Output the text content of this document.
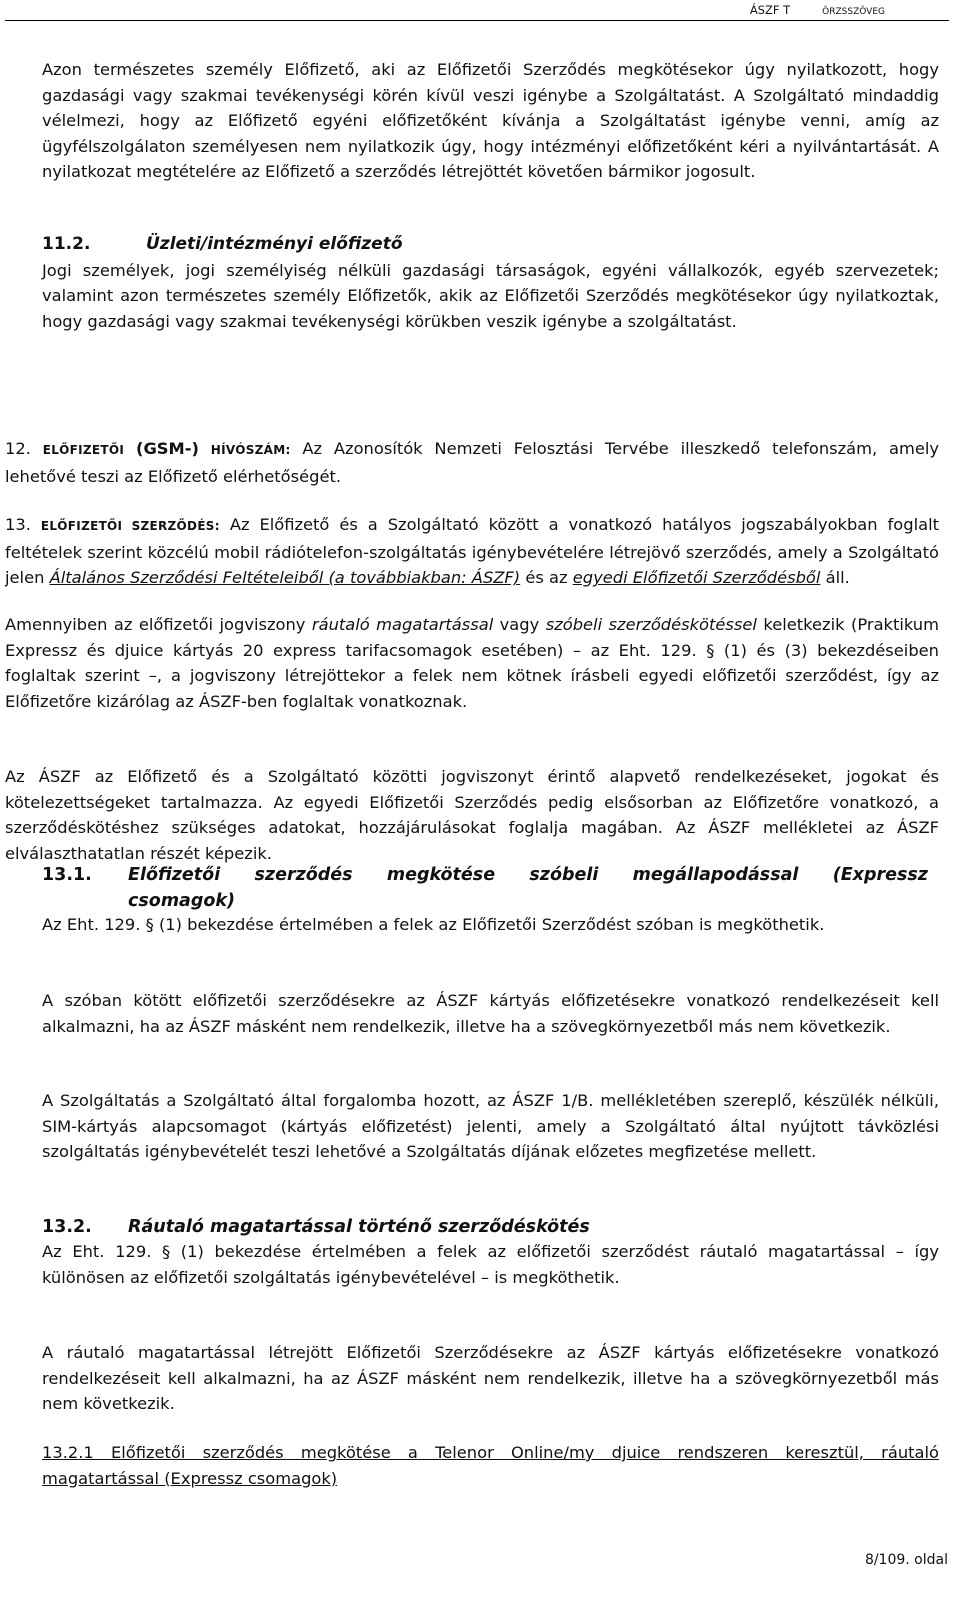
ÁSZF T	ÖRZSSZÖVEG

Azon természetes személy Előfizető, aki az Előfizetői Szerződés megkötésekor úgy nyilatkozott, hogy gazdasági vagy szakmai tevékenységi körén kívül veszi igénybe a Szolgáltatást. A Szolgáltató mindaddig vélelmezi, hogy az Előfizető egyéni előfizetőként kívánja a Szolgáltatást igénybe venni, amíg az ügyfélszolgálaton személyesen nem nyilatkozik úgy, hogy intézményi előfizetőként kéri a nyilvántartását. A nyilatkozat megtételére az Előfizető a szerződés létrejöttét követően bármikor jogosult.

11.2.	Üzleti/intézményi előfizető
Jogi személyek, jogi személyiség nélküli gazdasági társaságok, egyéni vállalkozók, egyéb szervezetek; valamint azon természetes személy Előfizetők, akik az Előfizetői Szerződés megkötésekor úgy nyilatkoztak, hogy gazdasági vagy szakmai tevékenységi körükben veszik igénybe a szolgáltatást.

12. ELŐFIZETŐI (GSM-) HÍVÓSZÁM: Az Azonosítók Nemzeti Felosztási Tervébe illeszkedő telefonszám, amely lehetővé teszi az Előfizető elérhetőségét.

13. ELŐFIZETŐI SZERZŐDÉS: Az Előfizető és a Szolgáltató között a vonatkozó hatályos jogszabályokban foglalt feltételek szerint közcélú mobil rádiótelefon-szolgáltatás igénybevételére létrejövő szerződés, amely a Szolgáltató jelen Általános Szerződési Feltételeiből (a továbbiakban: ÁSZF) és az egyedi Előfizetői Szerződésből áll.

Amennyiben az előfizetői jogviszony ráutaló magatartással vagy szóbeli szerződéskötéssel keletkezik (Praktikum Expressz és djuice kártyás 20 express tarifacsomagok esetében) – az Eht. 129. § (1) és (3) bekezdéseiben foglaltak szerint –, a jogviszony létrejöttekor a felek nem kötnek írásbeli egyedi előfizetői szerződést, így az Előfizetőre kizárólag az ÁSZF-ben foglaltak vonatkoznak.

Az ÁSZF az Előfizető és a Szolgáltató közötti jogviszonyt érintő alapvető rendelkezéseket, jogokat és kötelezettségeket tartalmazza. Az egyedi Előfizetői Szerződés pedig elsősorban az Előfizetőre vonatkozó, a szerződéskötéshez szükséges adatokat, hozzájárulásokat foglalja magában. Az ÁSZF mellékletei az ÁSZF elválaszthatatlan részét képezik.

13.1. Előfizetői szerződés megkötése szóbeli megállapodással (Expressz
csomagok)

Az Eht. 129. § (1) bekezdése értelmében a felek az Előfizetői Szerződést szóban is megköthetik.

A szóban kötött előfizetői szerződésekre az ÁSZF kártyás előfizetésekre vonatkozó rendelkezéseit kell alkalmazni, ha az ÁSZF másként nem rendelkezik, illetve ha a szövegkörnyezetből más nem következik.

A Szolgáltatás a Szolgáltató által forgalomba hozott, az ÁSZF 1/B. mellékletében szereplő, készülék nélküli, SIM-kártyás alapcsomagot (kártyás előfizetést) jelenti, amely a Szolgáltató által nyújtott távközlési szolgáltatás igénybevételét teszi lehetővé a Szolgáltatás díjának előzetes megfizetése mellett.

13.2. Ráutaló magatartással történő szerződéskötés

Az Eht. 129. § (1) bekezdése értelmében a felek az előfizetői szerződést ráutaló magatartással – így különösen az előfizetői szolgáltatás igénybevételével – is megköthetik.

A ráutaló magatartással létrejött Előfizetői Szerződésekre az ÁSZF kártyás előfizetésekre vonatkozó rendelkezéseit kell alkalmazni, ha az ÁSZF másként nem rendelkezik, illetve ha a szövegkörnyezetből más nem következik.

13.2.1 Előfizetői szerződés megkötése a Telenor Online/my djuice rendszeren keresztül, ráutaló magatartással (Expressz csomagok)

8/109. oldal
